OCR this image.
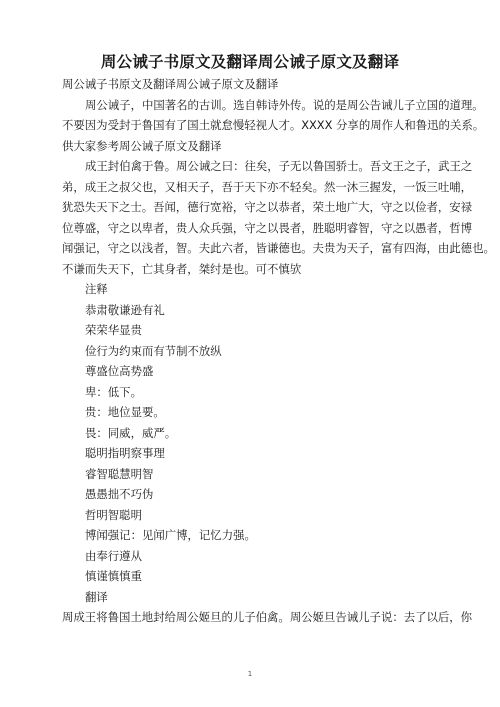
周公诫子书原文及翻译周公诫子原文及翻译
周公诫子书原文及翻译周公诫子原文及翻译
周公诫子，中国著名的古训。选自韩诗外传。说的是周公告诫儿子立国的道理。
不要因为受封于鲁国有了国土就怠慢轻视人才。XXXX 分享的周作人和鲁迅的关系。
供大家参考周公诫子原文及翻译
成王封伯禽于鲁。周公诫之曰：往矣，子无以鲁国骄士。吾文王之子，武王之
弟，成王之叔父也，又相天子，吾于天下亦不轻矣。然一沐三握发，一饭三吐哺，
犹恐失天下之士。吾闻，德行宽裕，守之以恭者，荣土地广大，守之以俭者，安禄
位尊盛，守之以卑者，贵人众兵强，守之以畏者，胜聪明睿智，守之以愚者，哲博
闻强记，守之以浅者，智。夫此六者，皆谦德也。夫贵为天子，富有四海，由此德也。
不谦而失天下，亡其身者，桀纣是也。可不慎欤
注释
恭肃敬谦逊有礼
荣荣华显贵
俭行为约束而有节制不放纵
尊盛位高势盛
卑：低下。
贵：地位显要。
畏：同威，威严。
聪明指明察事理
睿智聪慧明智
愚愚拙不巧伪
哲明智聪明
博闻强记：见闻广博，记忆力强。
由奉行遵从
慎谨慎慎重
翻译
周成王将鲁国土地封给周公姬旦的儿子伯禽。周公姬旦告诫儿子说：去了以后，你
1
